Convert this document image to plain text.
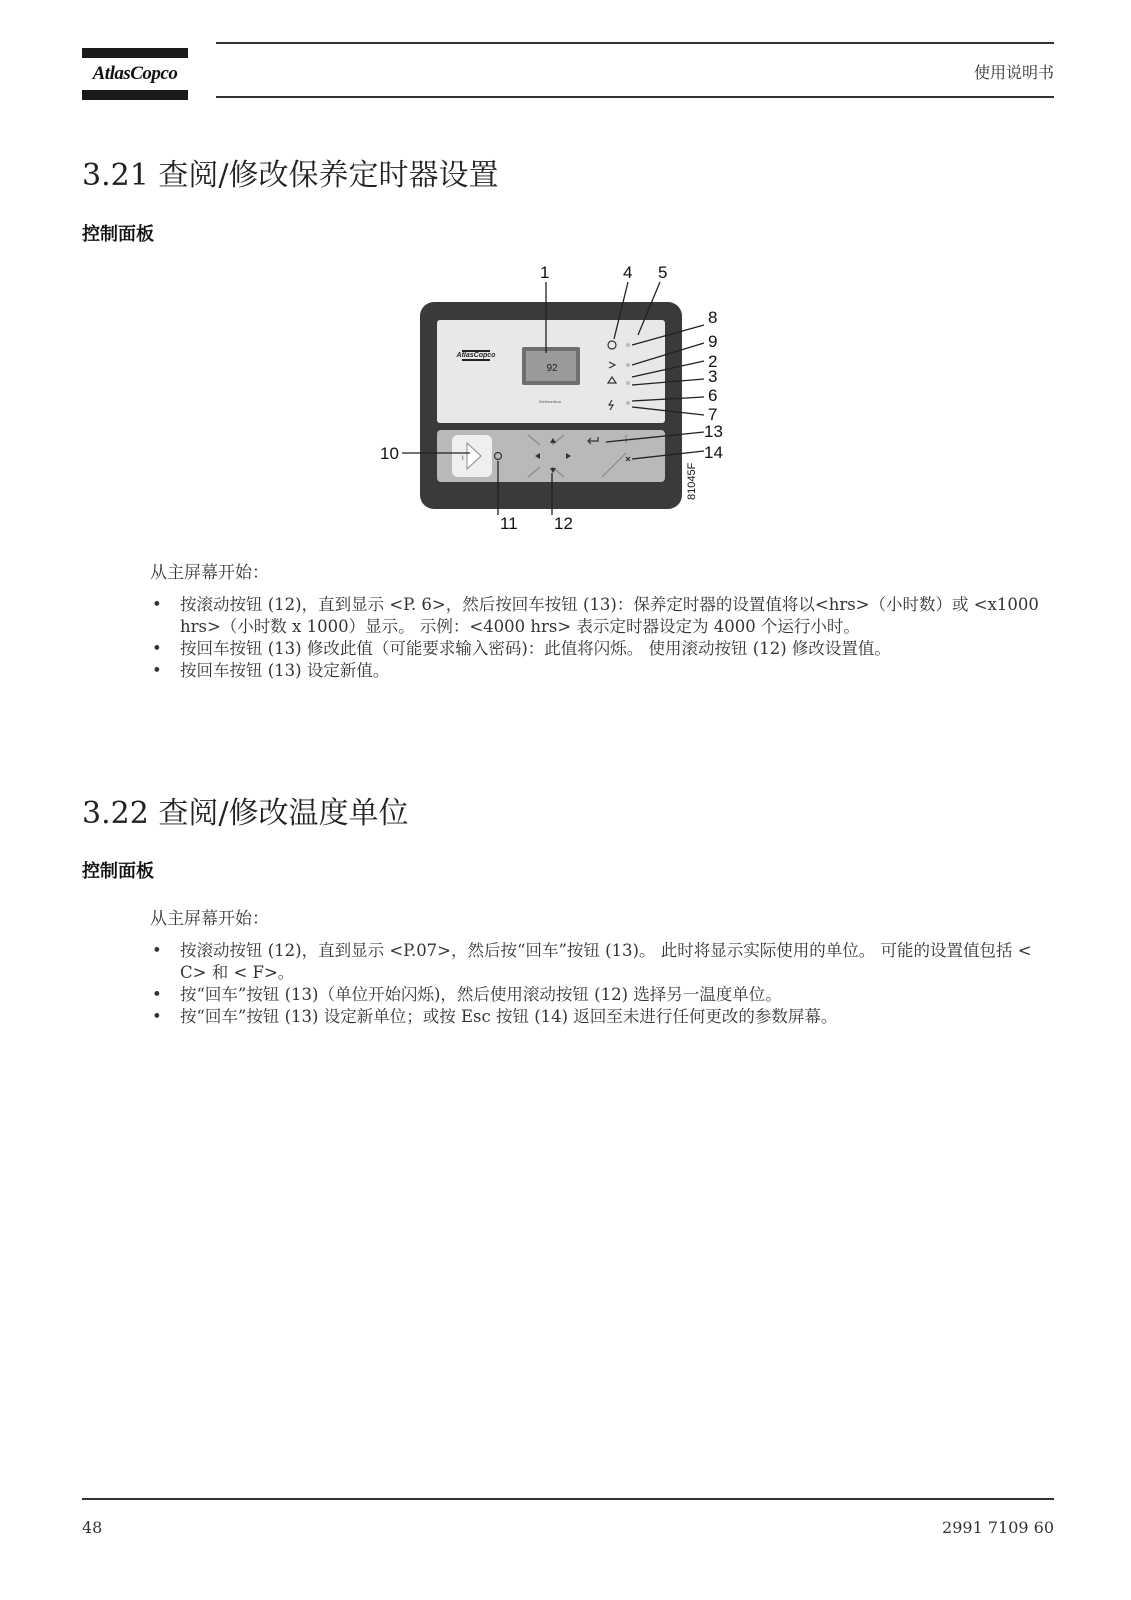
AtlasCopco	使用说明书
3.21 查阅/修改保养定时器设置
控制面板
AtlasCopco
92
Elektronikon
I
1	4 5
8
9
2
3
6
7
13
14
10
11 12
81045F
从主屏幕开始：
• 按滚动按钮 (12)，直到显示 <P. 6>，然后按回车按钮 (13)：保养定时器的设置值将以<hrs>（小时数）或 <x1000 hrs>（小时数 x 1000）显示。 示例：<4000 hrs> 表示定时器设定为 4000 个运行小时。
• 按回车按钮 (13) 修改此值（可能要求输入密码)：此值将闪烁。 使用滚动按钮 (12) 修改设置值。
• 按回车按钮 (13) 设定新值。
3.22 查阅/修改温度单位
控制面板
从主屏幕开始：
• 按滚动按钮 (12)，直到显示 <P.07>，然后按“回车”按钮 (13)。 此时将显示实际使用的单位。 可能的设置值包括 < C> 和 < F>。
• 按“回车”按钮 (13)（单位开始闪烁)，然后使用滚动按钮 (12) 选择另一温度单位。
• 按“回车”按钮 (13) 设定新单位；或按 Esc 按钮 (14) 返回至未进行任何更改的参数屏幕。
48	2991 7109 60
